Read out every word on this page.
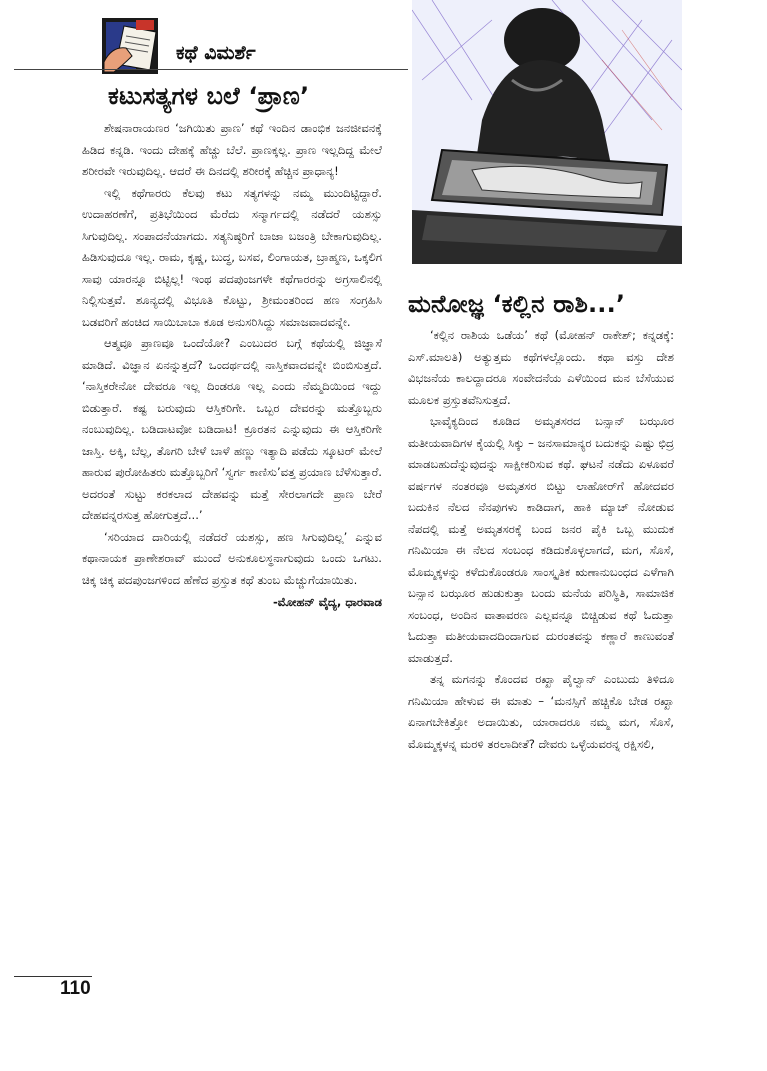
ಕಥೆ ವಿಮರ್ಶೆ
ಕಟುಸತ್ಯಗಳ ಬಲೆ ‘ಪ್ರಾಣ’

ಶೇಷನಾರಾಯಣರ ‘ಜಗಿಯಿತು ಪ್ರಾಣ’ ಕಥೆ ಇಂದಿನ ಡಾಂಭಿಕ ಜನಜೀವನಕ್ಕೆ ಹಿಡಿದ ಕನ್ನಡಿ. ಇಂದು ದೇಹಕ್ಕೆ ಹೆಚ್ಚು ಬೆಲೆ. ಪ್ರಾಣಕ್ಕಲ್ಲ. ಪ್ರಾಣ ಇಲ್ಲದಿದ್ದ ಮೇಲೆ ಶರೀರವೇ ಇರುವುದಿಲ್ಲ. ಆದರೆ ಈ ದಿನದಲ್ಲಿ ಶರೀರಕ್ಕೆ ಹೆಚ್ಚಿನ ಪ್ರಾಧಾನ್ಯ!

ಇಲ್ಲಿ ಕಥೆಗಾರರು ಕೆಲವು ಕಟು ಸತ್ಯಗಳನ್ನು ನಮ್ಮ ಮುಂದಿಟ್ಟಿದ್ದಾರೆ. ಉದಾಹರಣೆಗೆ, ಪ್ರತಿಭೆಯಿಂದ ಮೆರೆದು ಸನ್ಮಾರ್ಗದಲ್ಲಿ ನಡೆದರೆ ಯಶಸ್ಸು ಸಿಗುವುದಿಲ್ಲ. ಸಂಪಾದನೆಯಾಗದು. ಸತ್ಯನಿಷ್ಠರಿಗೆ ಬಾಜಾ ಬಜಂತ್ರಿ ಬೇಕಾಗುವುದಿಲ್ಲ. ಹಿಡಿಸುವುದೂ ಇಲ್ಲ. ರಾಮ, ಕೃಷ್ಣ, ಬುದ್ಧ, ಬಸವ, ಲಿಂಗಾಯತ, ಬ್ರಾಹ್ಮಣ, ಒಕ್ಕಲಿಗ ಸಾವು ಯಾರನ್ನೂ ಬಿಟ್ಟಿಲ್ಲ! ಇಂಥ ಪದಪುಂಜಗಳೇ ಕಥೆಗಾರರನ್ನು ಅಗ್ರಸಾಲಿನಲ್ಲಿ ನಿಲ್ಲಿಸುತ್ತವೆ. ಶೂನ್ಯದಲ್ಲಿ ವಿಭೂತಿ ಕೊಟ್ಟು, ಶ್ರೀಮಂತರಿಂದ ಹಣ ಸಂಗ್ರಹಿಸಿ ಬಡವರಿಗೆ ಹಂಚಿದ ಸಾಯಿಬಾಬಾ ಕೂಡ ಅನುಸರಿಸಿದ್ದು ಸಮಾಜವಾದವನ್ನೇ.

ಆತ್ಮವೂ ಪ್ರಾಣವೂ ಒಂದೆಯೋ? ಎಂಬುದರ ಬಗ್ಗೆ ಕಥೆಯಲ್ಲಿ ಜಿಜ್ಞಾಸೆ ಮಾಡಿದೆ. ವಿಜ್ಞಾನ ಏನನ್ನುತ್ತದೆ? ಒಂದರ್ಥದಲ್ಲಿ ನಾಸ್ತಿಕವಾದವನ್ನೇ ಬಿಂಬಿಸುತ್ತದೆ. ‘ನಾಸ್ತಿಕರೇನೋ ದೇವರೂ ಇಲ್ಲ ದಿಂಡರೂ ಇಲ್ಲ ಎಂದು ನೆಮ್ಮದಿಯಿಂದ ಇದ್ದು ಬಿಡುತ್ತಾರೆ. ಕಷ್ಟ ಬರುವುದು ಆಸ್ತಿಕರಿಗೇ. ಒಬ್ಬರ ದೇವರನ್ನು ಮತ್ತೊಬ್ಬರು ನಂಬುವುದಿಲ್ಲ. ಬಡಿದಾಟವೋ ಬಡಿದಾಟ! ಕ್ರೂರತನ ಎನ್ನುವುದು ಈ ಆಸ್ತಿಕರಿಗೇ ಜಾಸ್ತಿ. ಅಕ್ಕಿ, ಬೆಲ್ಲ, ತೊಗರಿ ಬೇಳೆ ಬಾಳೆ ಹಣ್ಣು ಇತ್ಯಾದಿ ಪಡೆದು ಸ್ಕೂಟರ್ ಮೇಲೆ ಹಾರುವ ಪುರೋಹಿತರು ಮತ್ತೊಬ್ಬರಿಗೆ ‘ಸ್ವರ್ಗ ಕಾಣಿಸು’ವತ್ತ ಪ್ರಯಾಣ ಬೆಳೆಸುತ್ತಾರೆ. ಅದರಂತೆ ಸುಟ್ಟು ಕರಕಲಾದ ದೇಹವನ್ನು ಮತ್ತೆ ಸೇರಲಾಗದೇ ಪ್ರಾಣ ಬೇರೆ ದೇಹವನ್ನರಸುತ್ತ ಹೋಗುತ್ತದೆ...’

‘ಸರಿಯಾದ ದಾರಿಯಲ್ಲಿ ನಡೆದರೆ ಯಶಸ್ಸು, ಹಣ ಸಿಗುವುದಿಲ್ಲ’ ಎನ್ನುವ ಕಥಾನಾಯಕ ಪ್ರಾಣೇಶರಾವ್ ಮುಂದೆ ಅನುಕೂಲಸ್ಥನಾಗುವುದು ಒಂದು ಒಗಟು. ಚಿಕ್ಕ ಚಿಕ್ಕ ಪದಪುಂಜಗಳಿಂದ ಹೆಣೆದ ಪ್ರಸ್ತುತ ಕಥೆ ತುಂಬ ಮೆಚ್ಚುಗೆಯಾಯಿತು.

-ಮೋಹನ್ ವೈದ್ಯ, ಧಾರವಾಡ

ಮನೋಜ್ಞ ‘ಕಲ್ಲಿನ ರಾಶಿ...’

‘ಕಲ್ಲಿನ ರಾಶಿಯ ಒಡೆಯ’ ಕಥೆ (ಮೋಹನ್ ರಾಕೇಶ್; ಕನ್ನಡಕ್ಕೆ: ಎಸ್.ಮಾಲತಿ) ಅತ್ಯುತ್ತಮ ಕಥೆಗಳಲ್ಲೊಂದು. ಕಥಾ ವಸ್ತು ದೇಶ ವಿಭಜನೆಯ ಕಾಲದ್ದಾದರೂ ಸಂವೇದನೆಯ ಎಳೆಯಿಂದ ಮನ ಬೆಸೆಯುವ ಮೂಲಕ ಪ್ರಸ್ತುತವೆನಿಸುತ್ತದೆ.

ಭಾವೈಕ್ಯದಿಂದ ಕೂಡಿದ ಅಮೃತಸರದ ಬನ್ಸಾನ್ ಬಝೂರ ಮತೀಯವಾದಿಗಳ ಕೈಯಲ್ಲಿ ಸಿಕ್ಕು – ಜನಸಾಮಾನ್ಯರ ಬದುಕನ್ನು ಎಷ್ಟು ಛಿದ್ರ ಮಾಡಬಹುದೆನ್ನುವುದನ್ನು ಸಾಕ್ಷೀಕರಿಸುವ ಕಥೆ. ಘಟನೆ ನಡೆದು ಏಳೂವರೆ ವರ್ಷಗಳ ನಂತರವೂ ಅಮೃತಸರ ಬಿಟ್ಟು ಲಾಹೋರ್‌ಗೆ ಹೋದವರ ಬದುಕಿನ ನೆಲದ ನೆನಪುಗಳು ಕಾಡಿದಾಗ, ಹಾಕಿ ಮ್ಯಾಚ್ ನೋಡುವ ನೆಪದಲ್ಲಿ ಮತ್ತೆ ಅಮೃತಸರಕ್ಕೆ ಬಂದ ಜನರ ಪೈಕಿ ಒಬ್ಬ ಮುದುಕ ಗನಿಮಿಯಾ ಈ ನೆಲದ ಸಂಬಂಧ ಕಡಿದುಕೊಳ್ಳಲಾಗದೆ, ಮಗ, ಸೊಸೆ, ಮೊಮ್ಮಕ್ಕಳನ್ನು ಕಳೆದುಕೊಂಡರೂ ಸಾಂಸ್ಕೃತಿಕ ಋಣಾನುಬಂಧದ ಎಳೆಗಾಗಿ ಬನ್ಸಾನ ಬಝೂರ ಹುಡುಕುತ್ತಾ ಬಂದು ಮನೆಯ ಪರಿಸ್ಥಿತಿ, ಸಾಮಾಜಿಕ ಸಂಬಂಧ, ಅಂದಿನ ವಾತಾವರಣ ಎಲ್ಲವನ್ನೂ ಬಿಚ್ಚಿಡುವ ಕಥೆ ಓದುತ್ತಾ ಓದುತ್ತಾ ಮತೀಯವಾದದಿಂದಾಗುವ ದುರಂತವನ್ನು ಕಣ್ಣಾರೆ ಕಾಣುವಂತೆ ಮಾಡುತ್ತದೆ.

ತನ್ನ ಮಗನನ್ನು ಕೊಂದವ ರಖ್ಖಾ ಪೈಲ್ವಾನ್ ಎಂಬುದು ತಿಳಿದೂ ಗನಿಮಿಯಾ ಹೇಳುವ ಈ ಮಾತು – ‘ಮನಸ್ಸಿಗೆ ಹಚ್ಚಿಕೊ ಬೇಡ ರಖ್ಖಾ ಏನಾಗಬೇಕಿತ್ತೋ ಅದಾಯಿತು, ಯಾರಾದರೂ ನಮ್ಮ ಮಗ, ಸೊಸೆ, ಮೊಮ್ಮಕ್ಕಳನ್ನ ಮರಳಿ ತರಲಾದೀತೆ? ದೇವರು ಒಳ್ಳೆಯವರನ್ನ ರಕ್ಷಿಸಲಿ,

110
